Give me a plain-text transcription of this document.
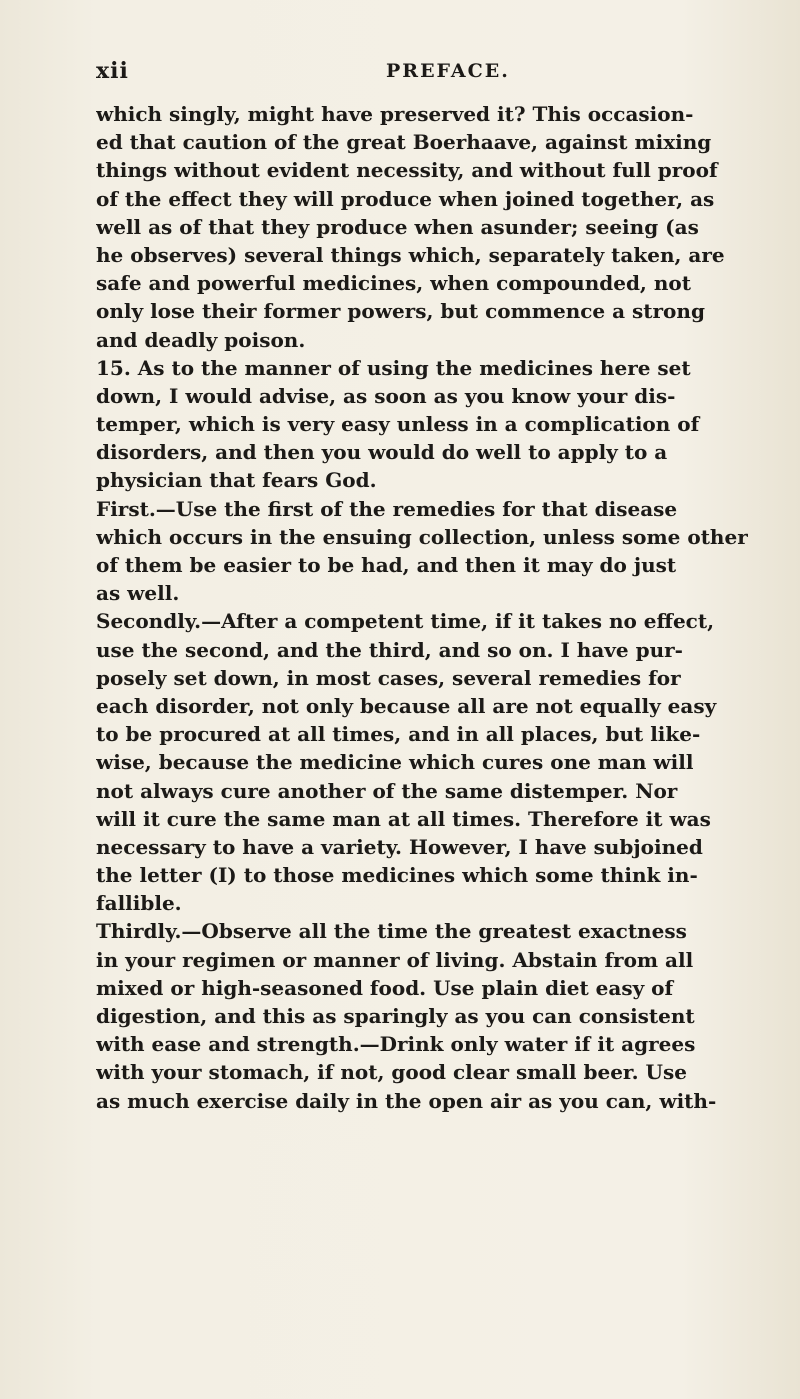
xii	PREFACE.
which singly, might have preserved it? This occasion-
ed that caution of the great Boerhaave, against mixing
things without evident necessity, and without full proof
of the effect they will produce when joined together, as
well as of that they produce when asunder; seeing (as
he observes) several things which, separately taken, are
safe and powerful medicines, when compounded, not
only lose their former powers, but commence a strong
and deadly poison.
15. As to the manner of using the medicines here set
down, I would advise, as soon as you know your dis-
temper, which is very easy unless in a complication of
disorders, and then you would do well to apply to a
physician that fears God.
First.—Use the first of the remedies for that disease
which occurs in the ensuing collection, unless some other
of them be easier to be had, and then it may do just
as well.
Secondly.—After a competent time, if it takes no effect,
use the second, and the third, and so on. I have pur-
posely set down, in most cases, several remedies for
each disorder, not only because all are not equally easy
to be procured at all times, and in all places, but like-
wise, because the medicine which cures one man will
not always cure another of the same distemper. Nor
will it cure the same man at all times. Therefore it was
necessary to have a variety. However, I have subjoined
the letter (I) to those medicines which some think in-
fallible.
Thirdly.—Observe all the time the greatest exactness
in your regimen or manner of living. Abstain from all
mixed or high-seasoned food. Use plain diet easy of
digestion, and this as sparingly as you can consistent
with ease and strength.—Drink only water if it agrees
with your stomach, if not, good clear small beer. Use
as much exercise daily in the open air as you can, with-
